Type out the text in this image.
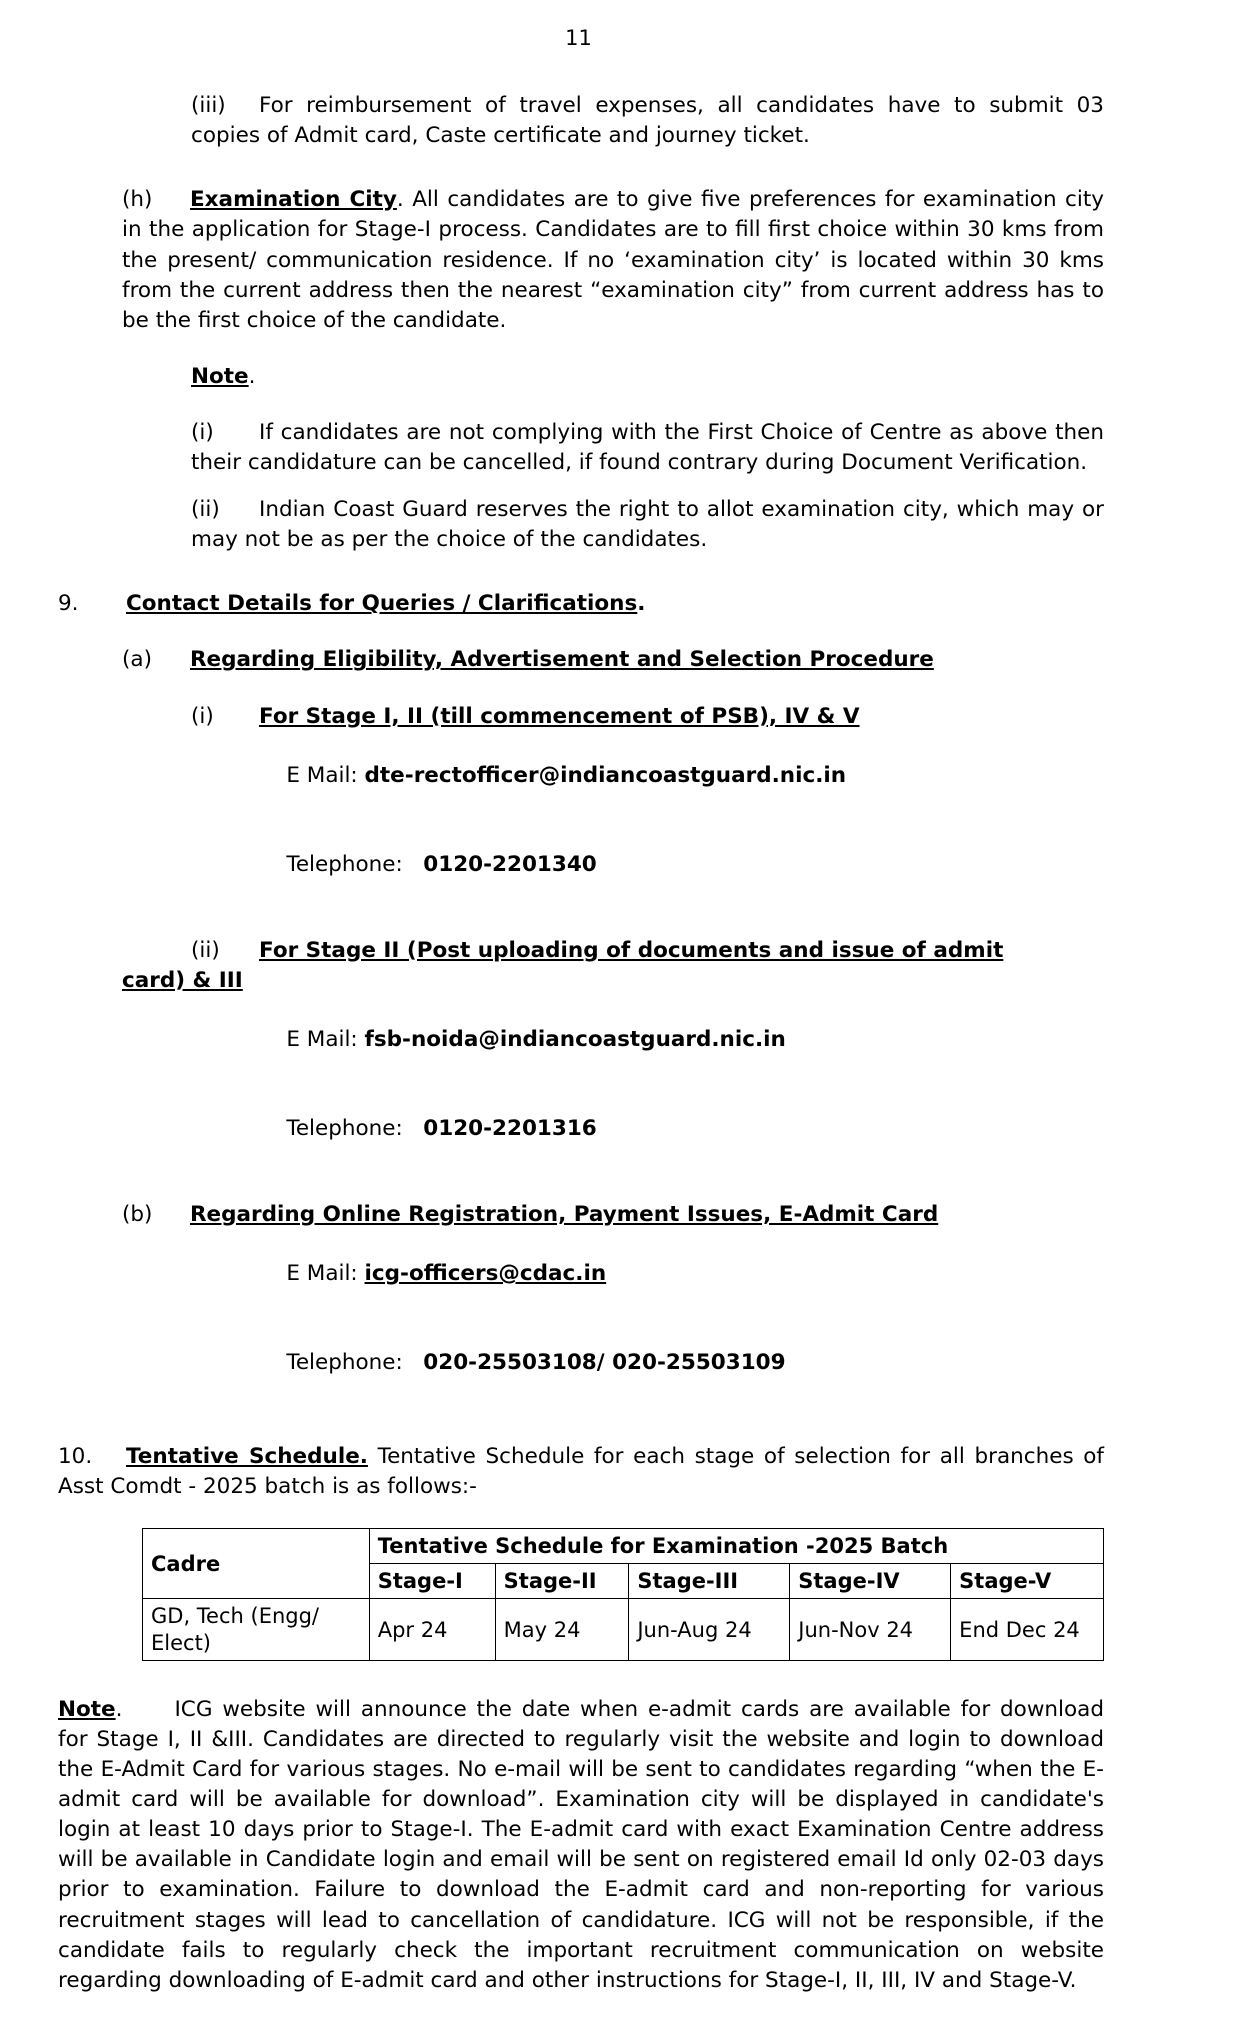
11
(iii) For reimbursement of travel expenses, all candidates have to submit 03 copies of Admit card, Caste certificate and journey ticket.
(h) Examination City. All candidates are to give five preferences for examination city in the application for Stage-I process. Candidates are to fill first choice within 30 kms from the present/ communication residence. If no ‘examination city’ is located within 30 kms from the current address then the nearest “examination city” from current address has to be the first choice of the candidate.
Note.
(i) If candidates are not complying with the First Choice of Centre as above then their candidature can be cancelled, if found contrary during Document Verification.
(ii) Indian Coast Guard reserves the right to allot examination city, which may or may not be as per the choice of the candidates.
9. Contact Details for Queries / Clarifications.
(a) Regarding Eligibility, Advertisement and Selection Procedure
(i) For Stage I, II (till commencement of PSB), IV & V

E Mail: dte-rectofficer@indiancoastguard.nic.in

Telephone:   0120-2201340

(ii) For Stage II (Post uploading of documents and issue of admit
card) & III

E Mail: fsb-noida@indiancoastguard.nic.in

Telephone:   0120-2201316

(b) Regarding Online Registration, Payment Issues, E-Admit Card

E Mail: icg-officers@cdac.in

Telephone:   020-25503108/ 020-25503109

10. Tentative Schedule. Tentative Schedule for each stage of selection for all branches of Asst Comdt - 2025 batch is as follows:-
Cadre	Tentative Schedule for Examination -2025 Batch				
	Stage-I	Stage-II	Stage-III	Stage-IV	Stage-V
GD, Tech (Engg/ Elect)	Apr 24	May 24	Jun-Aug 24	Jun-Nov 24	End Dec 24
Note. ICG website will announce the date when e-admit cards are available for download for Stage I, II &III. Candidates are directed to regularly visit the website and login to download the E-Admit Card for various stages. No e-mail will be sent to candidates regarding “when the E-admit card will be available for download”. Examination city will be displayed in candidate's login at least 10 days prior to Stage-I. The E-admit card with exact Examination Centre address will be available in Candidate login and email will be sent on registered email Id only 02-03 days prior to examination. Failure to download the E-admit card and non-reporting for various recruitment stages will lead to cancellation of candidature. ICG will not be responsible, if the candidate fails to regularly check the important recruitment communication on website regarding downloading of E-admit card and other instructions for Stage-I, II, III, IV and Stage-V.
